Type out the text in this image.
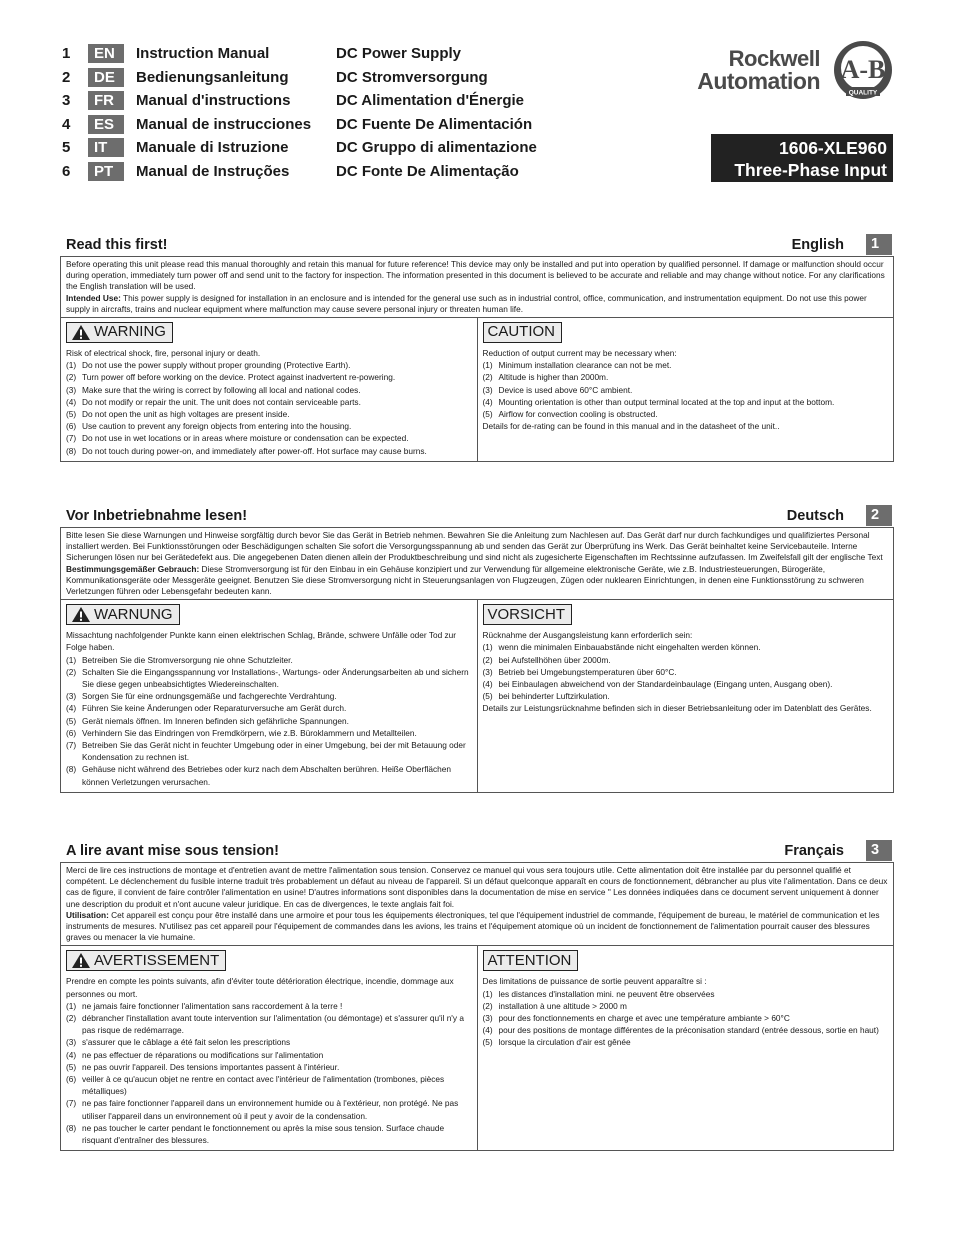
1	EN	Instruction Manual	DC Power Supply
2	DE	Bedienungsanleitung	DC Stromversorgung
3	FR	Manual d'instructions	DC Alimentation d'Énergie
4	ES	Manual de instrucciones	DC Fuente De Alimentación
5	IT	Manuale di Istruzione	DC Gruppo di alimentazione
6	PT	Manual de Instruções	DC Fonte De Alimentação
Rockwell
Automation A-B
QUALITY
1606-XLE960
Three-Phase Input
Read this first!	English	1
Before operating this unit please read this manual thoroughly and retain this manual for future reference! This device may only be installed and put into operation by qualified personnel. If damage or malfunction should occur during operation, immediately turn power off and send unit to the factory for inspection. The information presented in this document is believed to be accurate and reliable and may change without notice. For any clarifications the English translation will be used.
Intended Use: This power supply is designed for installation in an enclosure and is intended for the general use such as in industrial control, office, communication, and instrumentation equipment. Do not use this power supply in aircrafts, trains and nuclear equipment where malfunction may cause severe personal injury or threaten human life.
WARNING
Risk of electrical shock, fire, personal injury or death.
(1) Do not use the power supply without proper grounding (Protective Earth).
(2) Turn power off before working on the device. Protect against inadvertent re-powering.
(3) Make sure that the wiring is correct by following all local and national codes.
(4) Do not modify or repair the unit. The unit does not contain serviceable parts.
(5) Do not open the unit as high voltages are present inside.
(6) Use caution to prevent any foreign objects from entering into the housing.
(7) Do not use in wet locations or in areas where moisture or condensation can be expected.
(8) Do not touch during power-on, and immediately after power-off. Hot surface may cause burns.
CAUTION
Reduction of output current may be necessary when:
(1) Minimum installation clearance can not be met.
(2) Altitude is higher than 2000m.
(3) Device is used above 60°C ambient.
(4) Mounting orientation is other than output terminal located at the top and input at the bottom.
(5) Airflow for convection cooling is obstructed.
Details for de-rating can be found in this manual and in the datasheet of the unit..
Vor Inbetriebnahme lesen!	Deutsch	2
Bitte lesen Sie diese Warnungen und Hinweise sorgfältig durch bevor Sie das Gerät in Betrieb nehmen. Bewahren Sie die Anleitung zum Nachlesen auf. Das Gerät darf nur durch fachkundiges und qualifiziertes Personal installiert werden. Bei Funktionsstörungen oder Beschädigungen schalten Sie sofort die Versorgungsspannung ab und senden das Gerät zur Überprüfung ins Werk. Das Gerät beinhaltet keine Servicebauteile. Interne Sicherungen lösen nur bei Gerätedefekt aus. Die angegebenen Daten dienen allein der Produktbeschreibung und sind nicht als zugesicherte Eigenschaften im Rechtssinne aufzufassen. Im Zweifelsfall gilt der englische Text
Bestimmungsgemäßer Gebrauch: Diese Stromversorgung ist für den Einbau in ein Gehäuse konzipiert und zur Verwendung für allgemeine elektronische Geräte, wie z.B. Industriesteuerungen, Bürogeräte, Kommunikationsgeräte oder Messgeräte geeignet. Benutzen Sie diese Stromversorgung nicht in Steuerungsanlagen von Flugzeugen, Zügen oder nuklearen Einrichtungen, in denen eine Funktionsstörung zu schweren Verletzungen führen oder Lebensgefahr bedeuten kann.
WARNUNG
Missachtung nachfolgender Punkte kann einen elektrischen Schlag, Brände, schwere Unfälle oder Tod zur Folge haben.
(1) Betreiben Sie die Stromversorgung nie ohne Schutzleiter.
(2) Schalten Sie die Eingangsspannung vor Installations-, Wartungs- oder Änderungsarbeiten ab und sichern Sie diese gegen unbeabsichtigtes Wiedereinschalten.
(3) Sorgen Sie für eine ordnungsgemäße und fachgerechte Verdrahtung.
(4) Führen Sie keine Änderungen oder Reparaturversuche am Gerät durch.
(5) Gerät niemals öffnen. Im Inneren befinden sich gefährliche Spannungen.
(6) Verhindern Sie das Eindringen von Fremdkörpern, wie z.B. Büroklammern und Metallteilen.
(7) Betreiben Sie das Gerät nicht in feuchter Umgebung oder in einer Umgebung, bei der mit Betauung oder Kondensation zu rechnen ist.
(8) Gehäuse nicht während des Betriebes oder kurz nach dem Abschalten berühren. Heiße Oberflächen können Verletzungen verursachen.
VORSICHT
Rücknahme der Ausgangsleistung kann erforderlich sein:
(1) wenn die minimalen Einbauabstände nicht eingehalten werden können.
(2) bei Aufstellhöhen über 2000m.
(3) Betrieb bei Umgebungstemperaturen über 60°C.
(4) bei Einbaulagen abweichend von der Standardeinbaulage (Eingang unten, Ausgang oben).
(5) bei behinderter Luftzirkulation.
Details zur Leistungsrücknahme befinden sich in dieser Betriebsanleitung oder im Datenblatt des Gerätes.
A lire avant mise sous tension!	Français	3
Merci de lire ces instructions de montage et d'entretien avant de mettre l'alimentation sous tension. Conservez ce manuel qui vous sera toujours utile. Cette alimentation doit être installée par du personnel qualifié et compétent. Le déclenchement du fusible interne traduit très probablement un défaut au niveau de l'appareil. Si un défaut quelconque apparaît en cours de fonctionnement, débrancher au plus vite l'alimentation. Dans ce deux cas de figure, il convient de faire contrôler l'alimentation en usine! D'autres informations sont disponibles dans la documentation de mise en service " Les données indiquées dans ce document servent uniquement à donner une description du produit et n'ont aucune valeur juridique. En cas de divergences, le texte anglais fait foi.
Utilisation: Cet appareil est conçu pour être installé dans une armoire et pour tous les équipements électroniques, tel que l'équipement industriel de commande, l'équipement de bureau, le matériel de communication et les instruments de mesures. N'utilisez pas cet appareil pour l'équipement de commandes dans les avions, les trains et l'équipement atomique où un incident de fonctionnement de l'alimentation pourrait causer des blessures graves ou menacer la vie humaine.
AVERTISSEMENT
Prendre en compte les points suivants, afin d'éviter toute détérioration électrique, incendie, dommage aux personnes ou mort.
(1) ne jamais faire fonctionner l'alimentation sans raccordement à la terre !
(2) débrancher l'installation avant toute intervention sur l'alimentation (ou démontage) et s'assurer qu'il n'y a pas risque de redémarrage.
(3) s'assurer que le câblage a été fait selon les prescriptions
(4) ne pas effectuer de réparations ou modifications sur l'alimentation
(5) ne pas ouvrir l'appareil. Des tensions importantes passent à l'intérieur.
(6) veiller à ce qu'aucun objet ne rentre en contact avec l'intérieur de l'alimentation (trombones, pièces métalliques)
(7) ne pas faire fonctionner l'appareil dans un environnement humide ou à l'extérieur, non protégé. Ne pas utiliser l'appareil dans un environnement où il peut y avoir de la condensation.
(8) ne pas toucher le carter pendant le fonctionnement ou après la mise sous tension. Surface chaude risquant d'entraîner des blessures.
ATTENTION
Des limitations de puissance de sortie peuvent apparaître si :
(1) les distances d'installation mini. ne peuvent être observées
(2) installation à une altitude > 2000 m
(3) pour des fonctionnements en charge et avec une température ambiante > 60°C
(4) pour des positions de montage différentes de la préconisation standard (entrée dessous, sortie en haut)
(5) lorsque la circulation d'air est gênée
